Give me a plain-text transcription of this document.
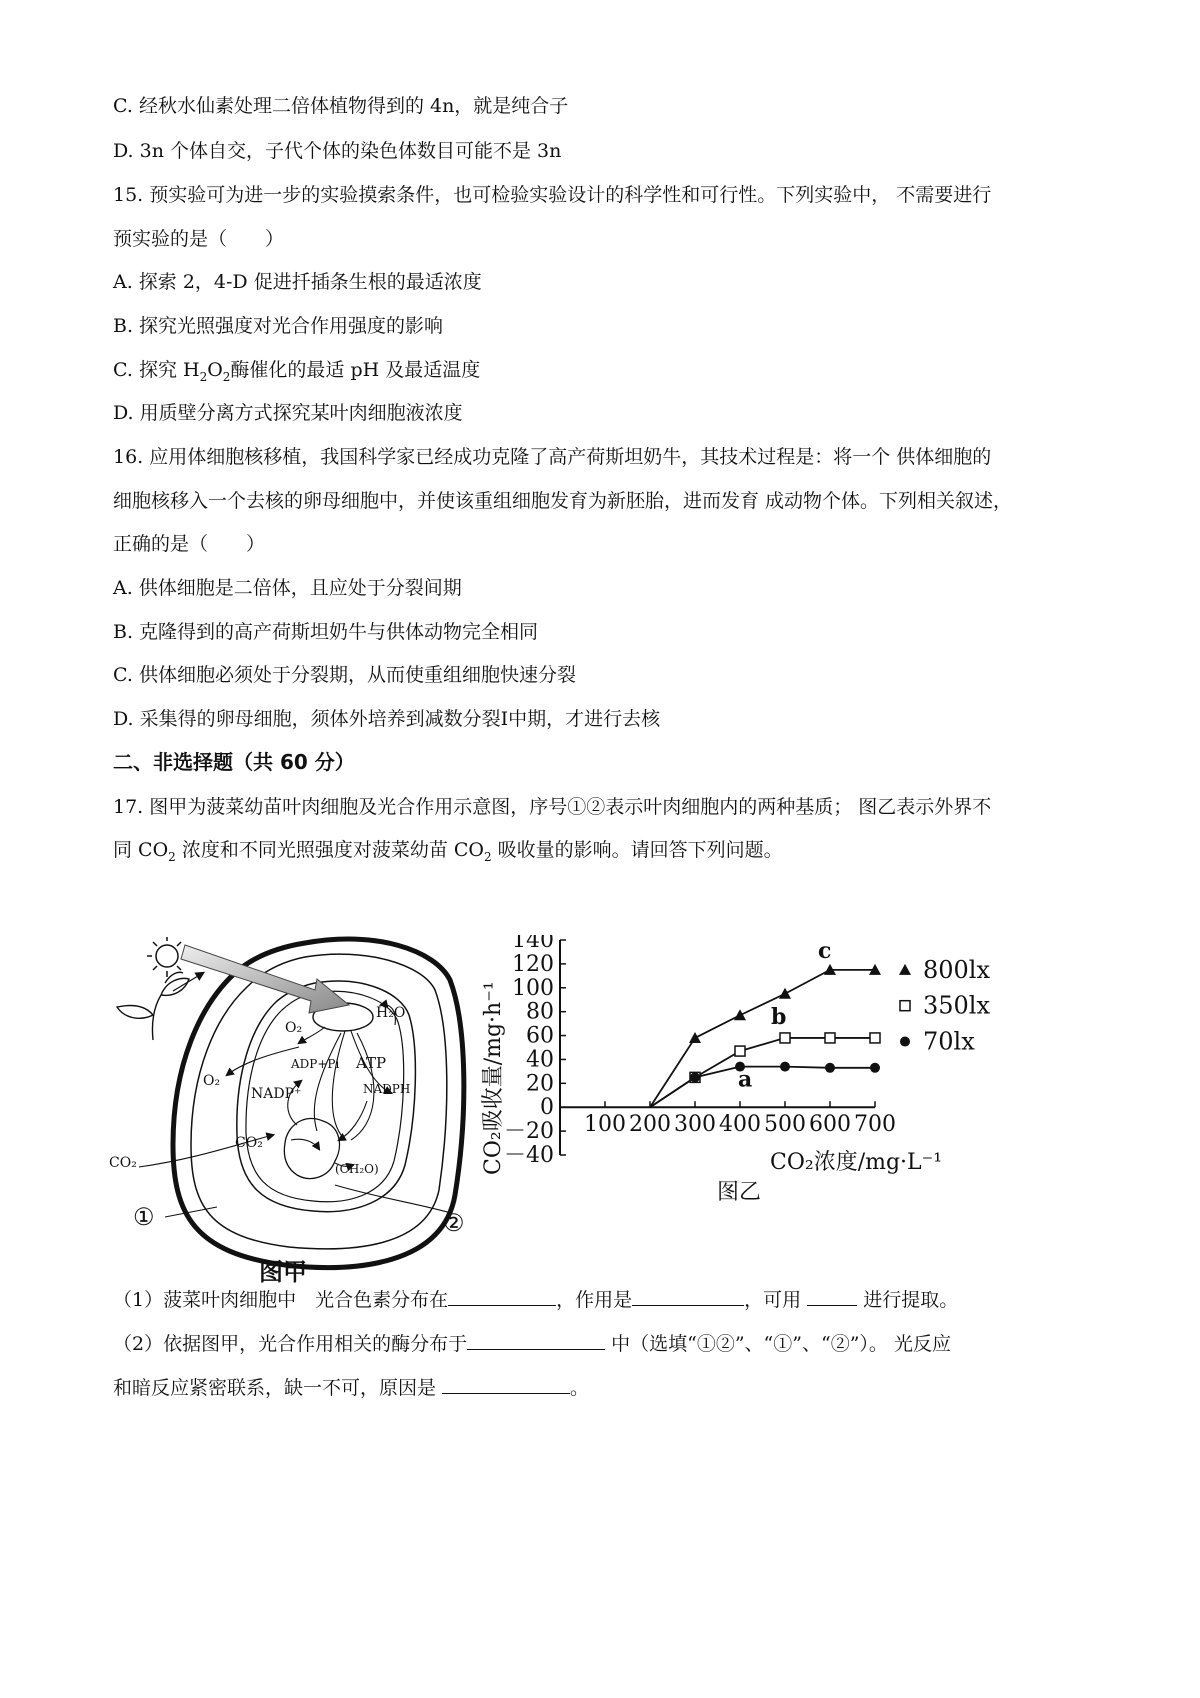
C. 经秋水仙素处理二倍体植物得到的 4n，就是纯合子
D. 3n 个体自交，子代个体的染色体数目可能不是 3n
15. 预实验可为进一步的实验摸索条件，也可检验实验设计的科学性和可行性。下列实验中， 不需要进行
预实验的是（　　）
A. 探索 2，4-D 促进扦插条生根的最适浓度
B. 探究光照强度对光合作用强度的影响
C. 探究 $H_2O_2$酶催化的最适 pH 及最适温度
D. 用质壁分离方式探究某叶肉细胞液浓度
16. 应用体细胞核移植，我国科学家已经成功克隆了高产荷斯坦奶牛，其技术过程是：将一个 供体细胞的
细胞核移入一个去核的卵母细胞中，并使该重组细胞发育为新胚胎，进而发育 成动物个体。下列相关叙述，
正确的是（　　）
A. 供体细胞是二倍体，且应处于分裂间期
B. 克隆得到的高产荷斯坦奶牛与供体动物完全相同
C. 供体细胞必须处于分裂期，从而使重组细胞快速分裂
D. 采集得的卵母细胞，须体外培养到减数分裂Ⅰ中期，才进行去核
二、非选择题（共 60 分）
17. 图甲为菠菜幼苗叶肉细胞及光合作用示意图，序号①②表示叶肉细胞内的两种基质； 图乙表示外界不
同 $CO_2$ 浓度和不同光照强度对菠菜幼苗 $CO_2$ 吸收量的影响。请回答下列问题。
（1）菠菜叶肉细胞中　光合色素分布在	，作用是	，可用	进行提取。
（2）依据图甲，光合作用相关的酶分布于	中（选填“①②”、“①”、“②”）。 光反应
和暗反应紧密联系，缺一不可，原因是	。
O₂
H₂O
O₂
ADP+Pi ATP
NADP⁺	NADPH
CO₂
CO₂	(CH₂O)
①	②
图甲
CO₂吸收量/mg·h⁻¹	CO₂浓度/mg·L⁻¹
图乙
140
120
100
80
60
40
20
0
－20
－40
100 200 300 400 500 600 700
c
b
a
800lx
350lx
70lx
